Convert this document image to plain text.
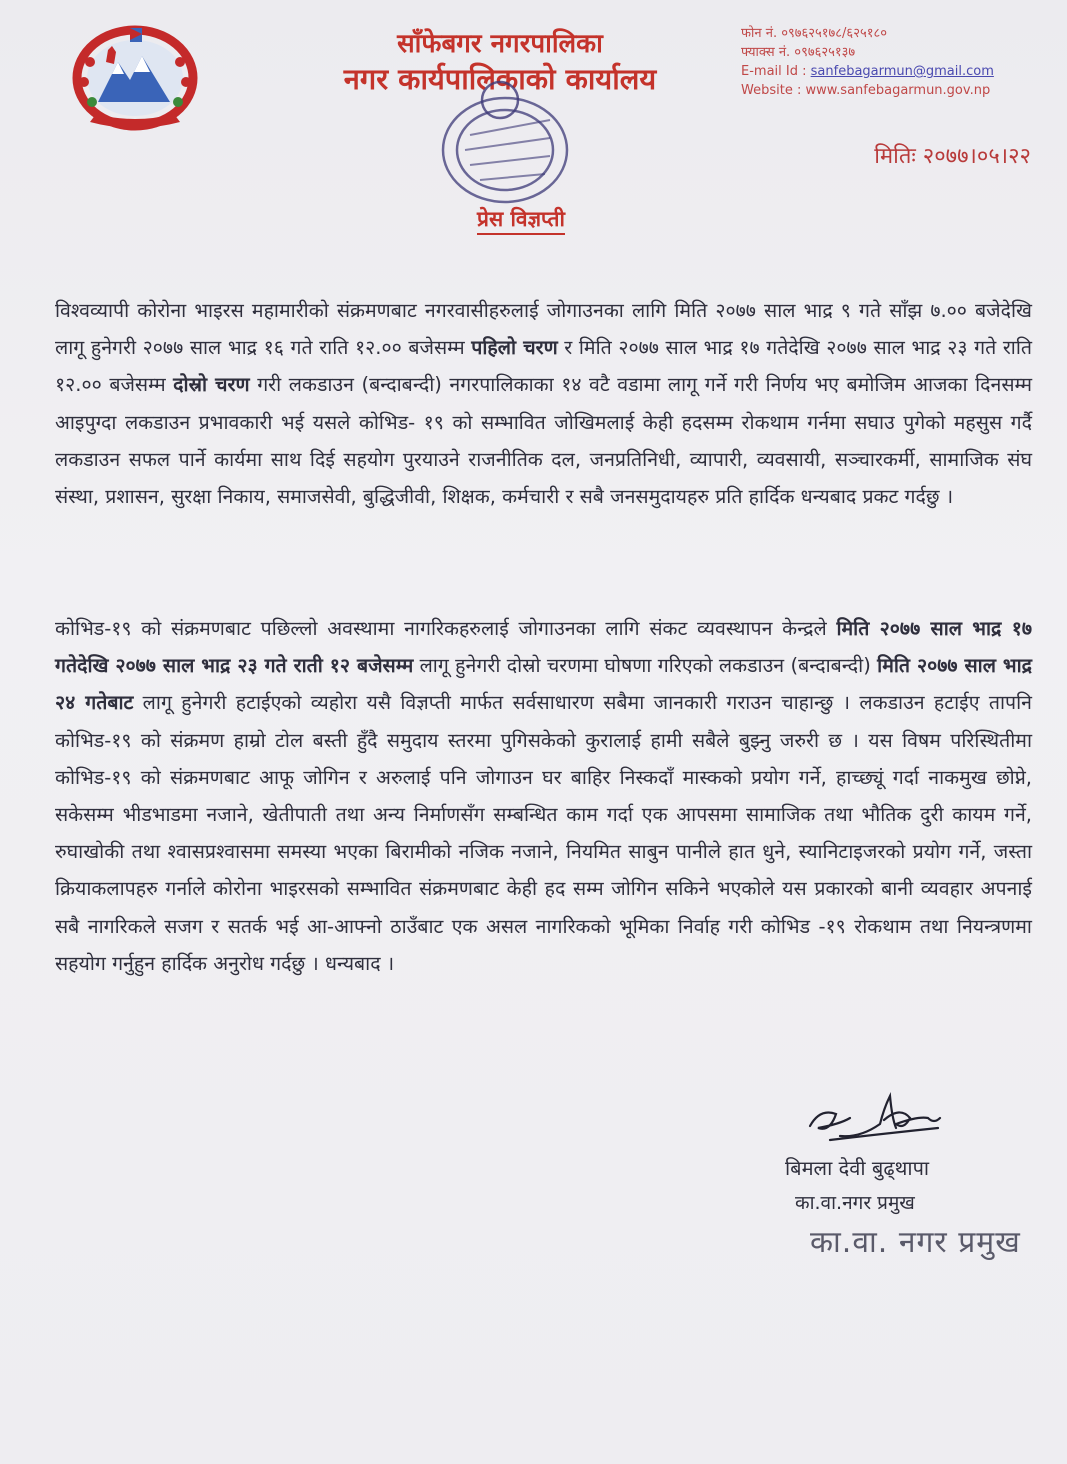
साँफेबगर नगरपालिका
नगर कार्यपालिकाको कार्यालय
फोन नं. ०९७६२५१७८/६२५१८०
फ्याक्स नं. ०९७६२५१३७
E-mail Id : sanfebagarmun@gmail.com
Website : www.sanfebagarmun.gov.np
प्रेस विज्ञप्ती
मितिः २०७७।०५।२२
विश्वव्यापी कोरोना भाइरस महामारीको संक्रमणबाट नगरवासीहरुलाई जोगाउनका लागि मिति २०७७ साल भाद्र ९ गते साँझ ७.०० बजेदेखि लागू हुनेगरी २०७७ साल भाद्र १६ गते राति १२.०० बजेसम्म पहिलो चरण र मिति २०७७ साल भाद्र १७ गतेदेखि २०७७ साल भाद्र २३ गते राति १२.०० बजेसम्म दोस्रो चरण गरी लकडाउन (बन्दाबन्दी) नगरपालिकाका १४ वटै वडामा लागू गर्ने गरी निर्णय भए बमोजिम आजका दिनसम्म आइपुग्दा लकडाउन प्रभावकारी भई यसले कोभिड- १९ को सम्भावित जोखिमलाई केही हदसम्म रोकथाम गर्नमा सघाउ पुगेको महसुस गर्दै लकडाउन सफल पार्ने कार्यमा साथ दिई सहयोग पुरयाउने राजनीतिक दल, जनप्रतिनिधी, व्यापारी, व्यवसायी, सञ्चारकर्मी, सामाजिक संघ संस्था, प्रशासन, सुरक्षा निकाय, समाजसेवी, बुद्धिजीवी, शिक्षक, कर्मचारी र सबै जनसमुदायहरु प्रति हार्दिक धन्यबाद प्रकट गर्दछु ।
कोभिड-१९ को संक्रमणबाट पछिल्लो अवस्थामा नागरिकहरुलाई जोगाउनका लागि संकट व्यवस्थापन केन्द्रले मिति २०७७ साल भाद्र १७ गतेदेखि २०७७ साल भाद्र २३ गते राती १२ बजेसम्म लागू हुनेगरी दोस्रो चरणमा घोषणा गरिएको लकडाउन (बन्दाबन्दी) मिति २०७७ साल भाद्र २४ गतेबाट लागू हुनेगरी हटाईएको व्यहोरा यसै विज्ञप्ती मार्फत सर्वसाधारण सबैमा जानकारी गराउन चाहान्छु । लकडाउन हटाईए तापनि कोभिड-१९ को संक्रमण हाम्रो टोल बस्ती हुँदै समुदाय स्तरमा पुगिसकेको कुरालाई हामी सबैले बुझ्नु जरुरी छ । यस विषम परिस्थितीमा कोभिड-१९ को संक्रमणबाट आफू जोगिन र अरुलाई पनि जोगाउन घर बाहिर निस्कदाँ मास्कको प्रयोग गर्ने, हाच्छ्यूं गर्दा नाकमुख छोप्ने, सकेसम्म भीडभाडमा नजाने, खेतीपाती तथा अन्य निर्माणसँग सम्बन्धित काम गर्दा एक आपसमा सामाजिक तथा भौतिक दुरी कायम गर्ने, रुघाखोकी तथा श्वासप्रश्वासमा समस्या भएका बिरामीको नजिक नजाने, नियमित साबुन पानीले हात धुने, स्यानिटाइजरको प्रयोग गर्ने, जस्ता क्रियाकलापहरु गर्नाले कोरोना भाइरसको सम्भावित संक्रमणबाट केही हद सम्म जोगिन सकिने भएकोले यस प्रकारको बानी व्यवहार अपनाई सबै नागरिकले सजग र सतर्क भई आ-आफ्नो ठाउँबाट एक असल नागरिकको भूमिका निर्वाह गरी कोभिड -१९ रोकथाम तथा नियन्त्रणमा सहयोग गर्नुहुन हार्दिक अनुरोध गर्दछु । धन्यबाद ।
बिमला देवी बुढ्थापा
का.वा.नगर प्रमुख
का.वा. नगर प्रमुख
